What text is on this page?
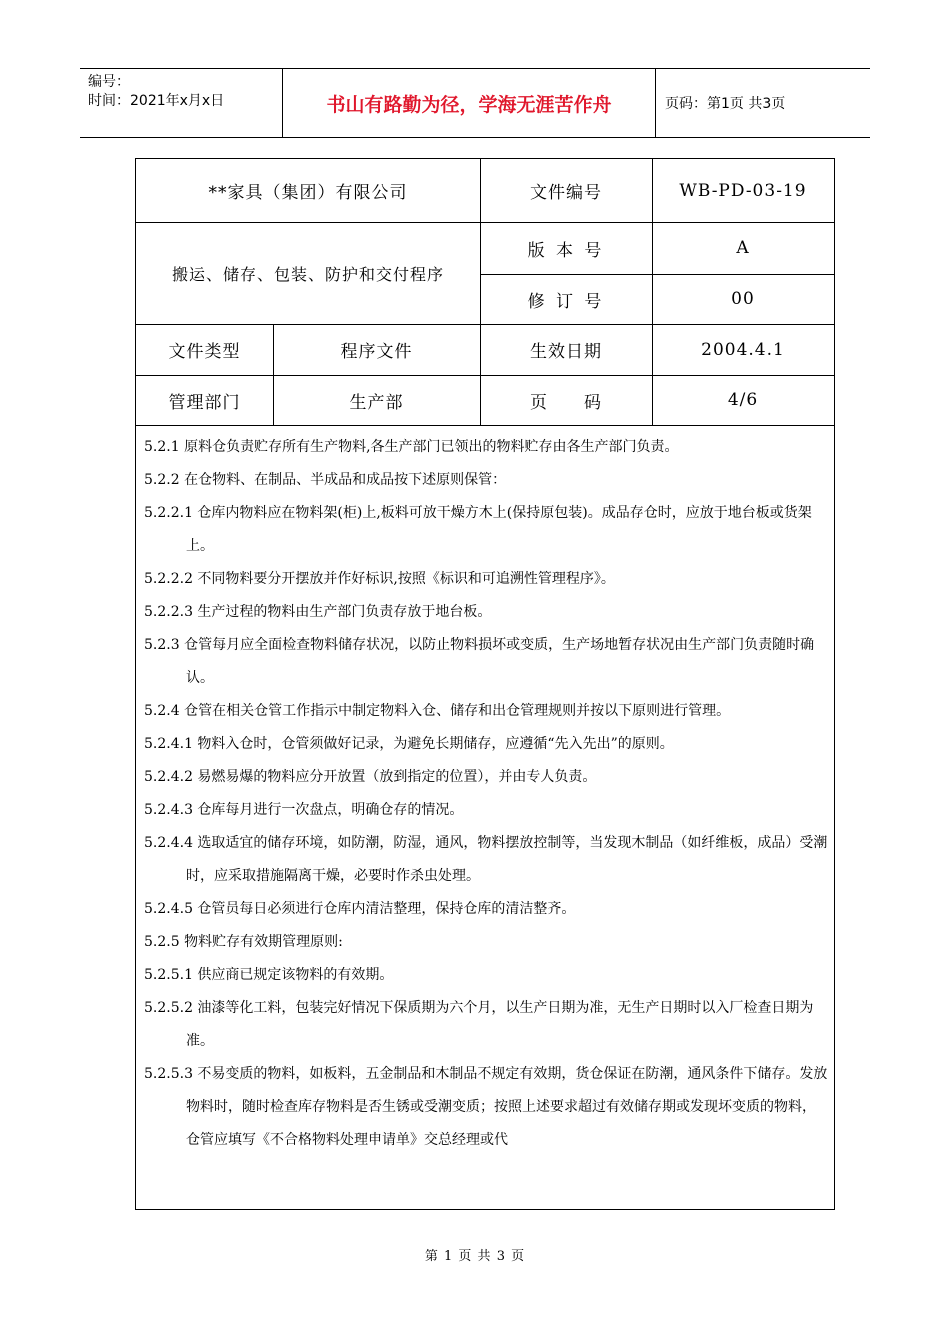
编号：
时间：2021年x月x日	书山有路勤为径，学海无涯苦作舟	页码：第1页 共3页
**家具（集团）有限公司	文件编号	WB-PD-03-19
搬运、储存、包装、防护和交付程序
版 本 号	A
修 订 号	00
文件类型	程序文件	生效日期	2004.4.1
管理部门	生产部	页　　码	4/6

5.2.1 原料仓负责贮存所有生产物料,各生产部门已领出的物料贮存由各生产部门负责。

5.2.2 在仓物料、在制品、半成品和成品按下述原则保管：

5.2.2.1 仓库内物料应在物料架(柜)上,板料可放干燥方木上(保持原包装)。成品存仓时，应放于地台板或货架上。

5.2.2.2 不同物料要分开摆放并作好标识,按照《标识和可追溯性管理程序》。

5.2.2.3 生产过程的物料由生产部门负责存放于地台板。

5.2.3 仓管每月应全面检查物料储存状况，以防止物料损坏或变质，生产场地暂存状况由生产部门负责随时确认。

5.2.4 仓管在相关仓管工作指示中制定物料入仓、储存和出仓管理规则并按以下原则进行管理。

5.2.4.1 物料入仓时，仓管须做好记录，为避免长期储存，应遵循“先入先出”的原则。

5.2.4.2 易燃易爆的物料应分开放置（放到指定的位置），并由专人负责。

5.2.4.3 仓库每月进行一次盘点，明确仓存的情况。

5.2.4.4 选取适宜的储存环境，如防潮，防湿，通风，物料摆放控制等，当发现木制品（如纤维板，成品）受潮时，应采取措施隔离干燥，必要时作杀虫处理。

5.2.4.5 仓管员每日必须进行仓库内清洁整理，保持仓库的清洁整齐。

5.2.5 物料贮存有效期管理原则:

5.2.5.1 供应商已规定该物料的有效期。

5.2.5.2 油漆等化工料，包装完好情况下保质期为六个月，以生产日期为准，无生产日期时以入厂检查日期为准。

5.2.5.3 不易变质的物料，如板料，五金制品和木制品不规定有效期，货仓保证在防潮，通风条件下储存。发放物料时，随时检查库存物料是否生锈或受潮变质；按照上述要求超过有效储存期或发现坏变质的物料，仓管应填写《不合格物料处理申请单》交总经理或代

第 1 页 共 3 页
